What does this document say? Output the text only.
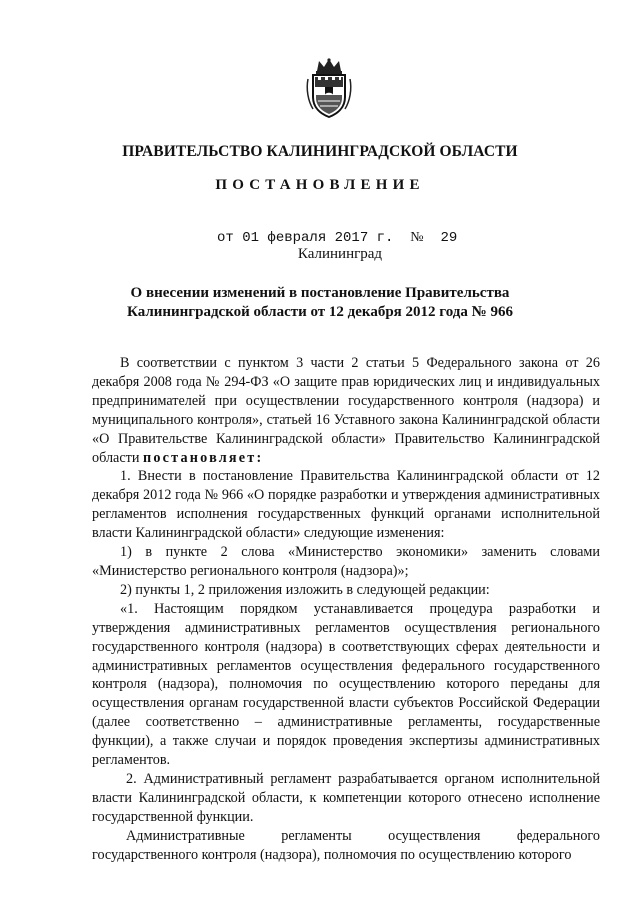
ПРАВИТЕЛЬСТВО КАЛИНИНГРАДСКОЙ ОБЛАСТИ
ПОСТАНОВЛЕНИЕ
от 01 февраля 2017 г. № 29
Калининград
О внесении изменений в постановление Правительства
Калининградской области от 12 декабря 2012 года № 966

В соответствии с пунктом 3 части 2 статьи 5 Федерального закона от 26 декабря 2008 года № 294-ФЗ «О защите прав юридических лиц и индивидуальных предпринимателей при осуществлении государственного контроля (надзора) и муниципального контроля», статьей 16 Уставного закона Калининградской области «О Правительстве Калининградской области» Правительство Калининградской области постановляет:

1. Внести в постановление Правительства Калининградской области от 12 декабря 2012 года № 966 «О порядке разработки и утверждения административных регламентов исполнения государственных функций органами исполнительной власти Калининградской области» следующие изменения:

1) в пункте 2 слова «Министерство экономики» заменить словами «Министерство регионального контроля (надзора)»;

2) пункты 1, 2 приложения изложить в следующей редакции:

«1. Настоящим порядком устанавливается процедура разработки и утверждения административных регламентов осуществления регионального государственного контроля (надзора) в соответствующих сферах деятельности и административных регламентов осуществления федерального государственного контроля (надзора), полномочия по осуществлению которого переданы для осуществления органам государственной власти субъектов Российской Федерации (далее соответственно – административные регламенты, государственные функции), а также случаи и порядок проведения экспертизы административных регламентов.

2. Административный регламент разрабатывается органом исполнительной власти Калининградской области, к компетенции которого отнесено исполнение государственной функции.

Административные регламенты осуществления федерального государственного контроля (надзора), полномочия по осуществлению которого
